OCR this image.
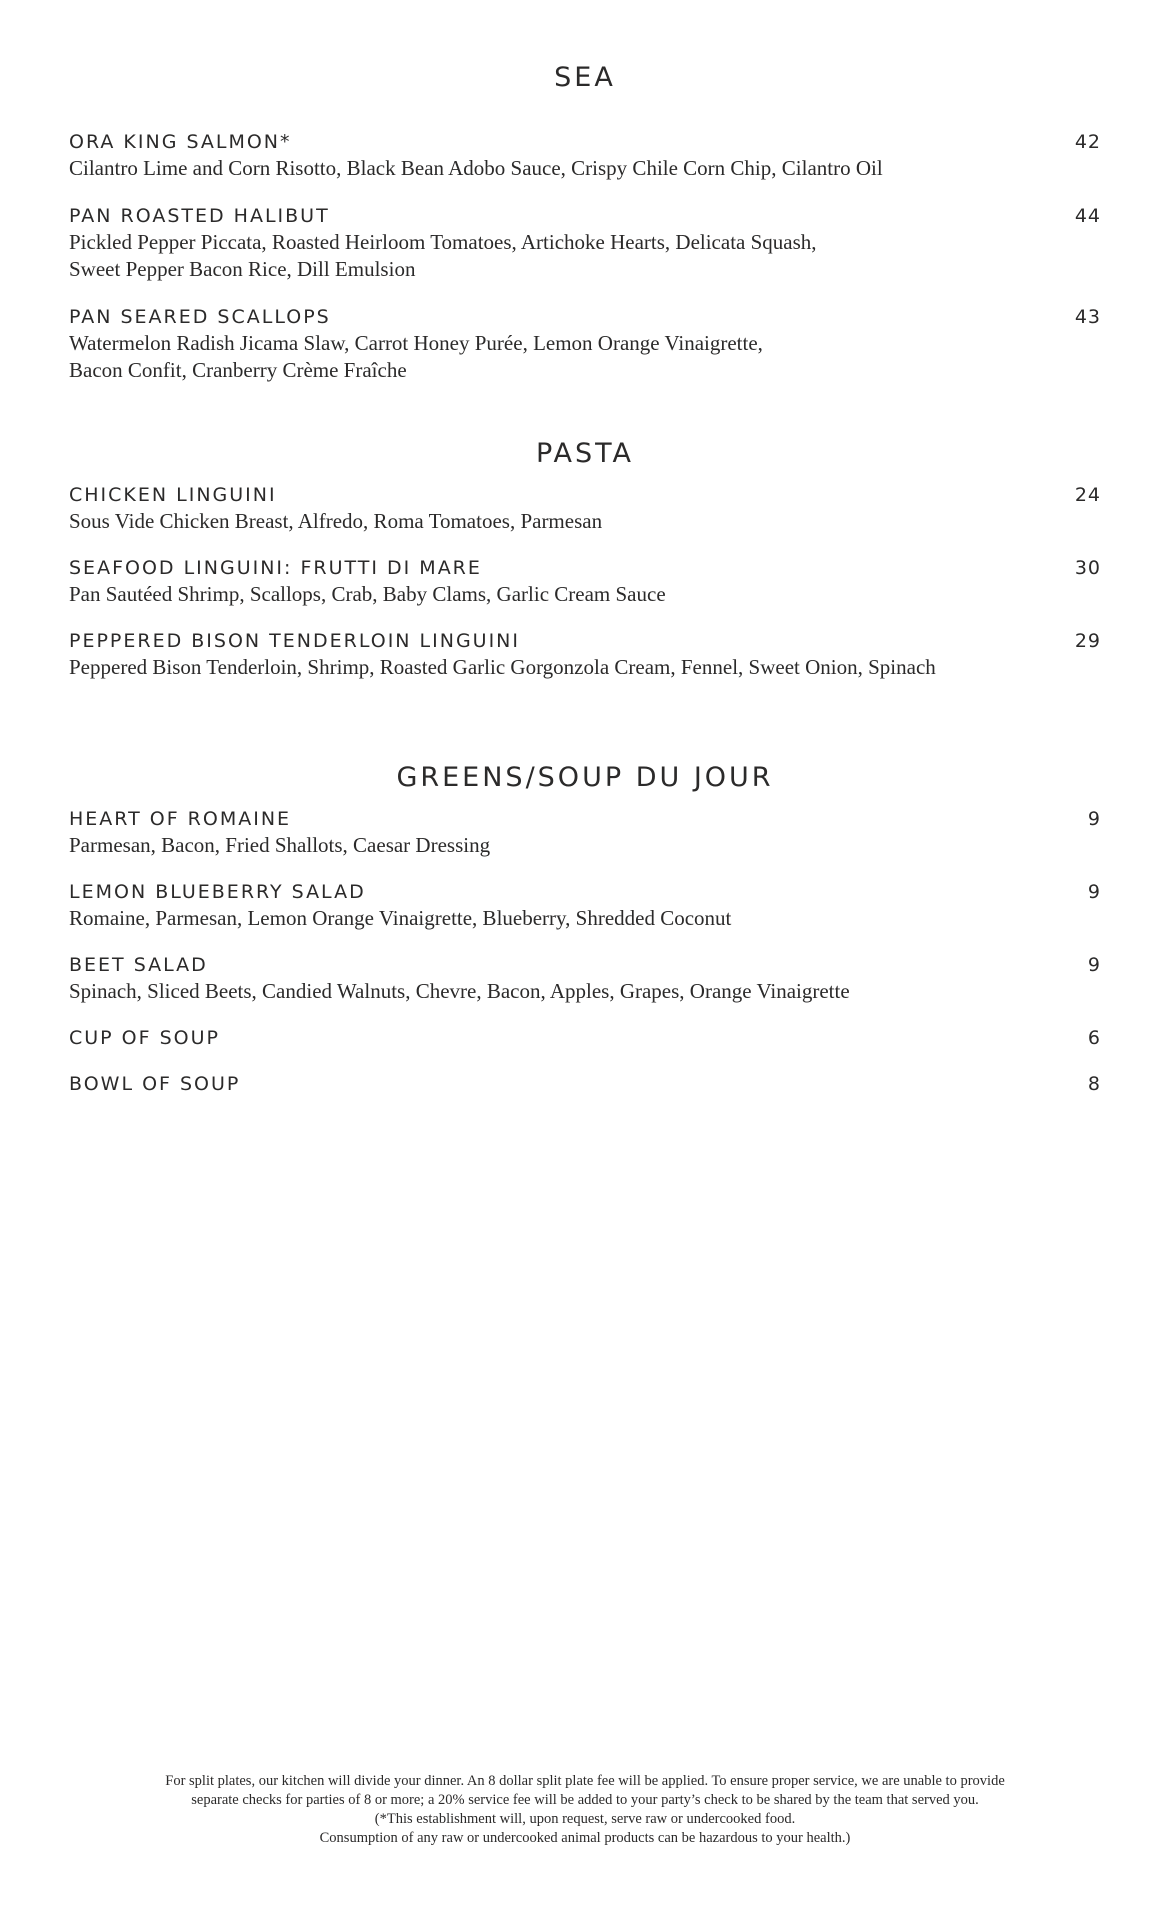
SEA
ORA KING SALMON*	42
Cilantro Lime and Corn Risotto, Black Bean Adobo Sauce, Crispy Chile Corn Chip, Cilantro Oil
PAN ROASTED HALIBUT	44
Pickled Pepper Piccata, Roasted Heirloom Tomatoes, Artichoke Hearts, Delicata Squash,
Sweet Pepper Bacon Rice, Dill Emulsion
PAN SEARED SCALLOPS	43
Watermelon Radish Jicama Slaw, Carrot Honey Purée, Lemon Orange Vinaigrette,
Bacon Confit, Cranberry Crème Fraîche
PASTA
CHICKEN LINGUINI	24
Sous Vide Chicken Breast, Alfredo, Roma Tomatoes, Parmesan
SEAFOOD LINGUINI: FRUTTI DI MARE	30
Pan Sautéed Shrimp, Scallops, Crab, Baby Clams, Garlic Cream Sauce
PEPPERED BISON TENDERLOIN LINGUINI	29
Peppered Bison Tenderloin, Shrimp, Roasted Garlic Gorgonzola Cream, Fennel, Sweet Onion, Spinach
GREENS/SOUP DU JOUR
HEART OF ROMAINE	9
Parmesan, Bacon, Fried Shallots, Caesar Dressing
LEMON BLUEBERRY SALAD	9
Romaine, Parmesan, Lemon Orange Vinaigrette, Blueberry, Shredded Coconut
BEET SALAD	9
Spinach, Sliced Beets, Candied Walnuts, Chevre, Bacon, Apples, Grapes, Orange Vinaigrette
CUP OF SOUP	6
BOWL OF SOUP	8
For split plates, our kitchen will divide your dinner. An 8 dollar split plate fee will be applied. To ensure proper service, we are unable to provide
separate checks for parties of 8 or more; a 20% service fee will be added to your party’s check to be shared by the team that served you.
(*This establishment will, upon request, serve raw or undercooked food.
Consumption of any raw or undercooked animal products can be hazardous to your health.)
